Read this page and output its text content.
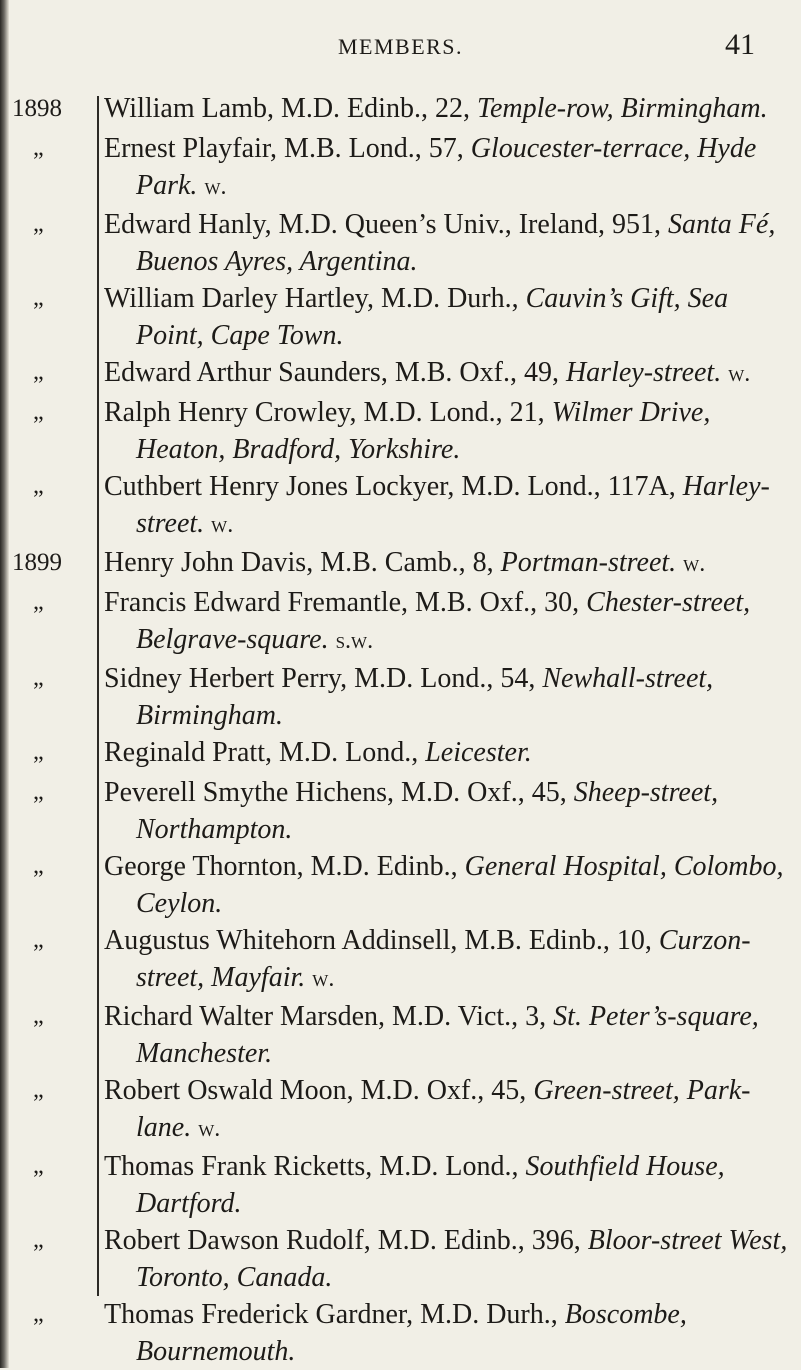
MEMBERS.	41
1898	William Lamb, M.D. Edinb., 22, Temple-row, Birmingham.
„	Ernest Playfair, M.B. Lond., 57, Gloucester-terrace, Hyde Park. w.
„	Edward Hanly, M.D. Queen’s Univ., Ireland, 951, Santa Fé, Buenos Ayres, Argentina.
„	William Darley Hartley, M.D. Durh., Cauvin’s Gift, Sea Point, Cape Town.
„	Edward Arthur Saunders, M.B. Oxf., 49, Harley-street. w.
„	Ralph Henry Crowley, M.D. Lond., 21, Wilmer Drive, Heaton, Bradford, Yorkshire.
„	Cuthbert Henry Jones Lockyer, M.D. Lond., 117A, Harley-street. w.
1899	Henry John Davis, M.B. Camb., 8, Portman-street. w.
„	Francis Edward Fremantle, M.B. Oxf., 30, Chester-street, Belgrave-square. s.w.
„	Sidney Herbert Perry, M.D. Lond., 54, Newhall-street, Birmingham.
„	Reginald Pratt, M.D. Lond., Leicester.
„	Peverell Smythe Hichens, M.D. Oxf., 45, Sheep-street, Northampton.
„	George Thornton, M.D. Edinb., General Hospital, Colombo, Ceylon.
„	Augustus Whitehorn Addinsell, M.B. Edinb., 10, Curzon-street, Mayfair. w.
„	Richard Walter Marsden, M.D. Vict., 3, St. Peter’s-square, Manchester.
„	Robert Oswald Moon, M.D. Oxf., 45, Green-street, Park-lane. w.
„	Thomas Frank Ricketts, M.D. Lond., Southfield House, Dartford.
„	Robert Dawson Rudolf, M.D. Edinb., 396, Bloor-street West, Toronto, Canada.
„	Thomas Frederick Gardner, M.D. Durh., Boscombe, Bournemouth.
